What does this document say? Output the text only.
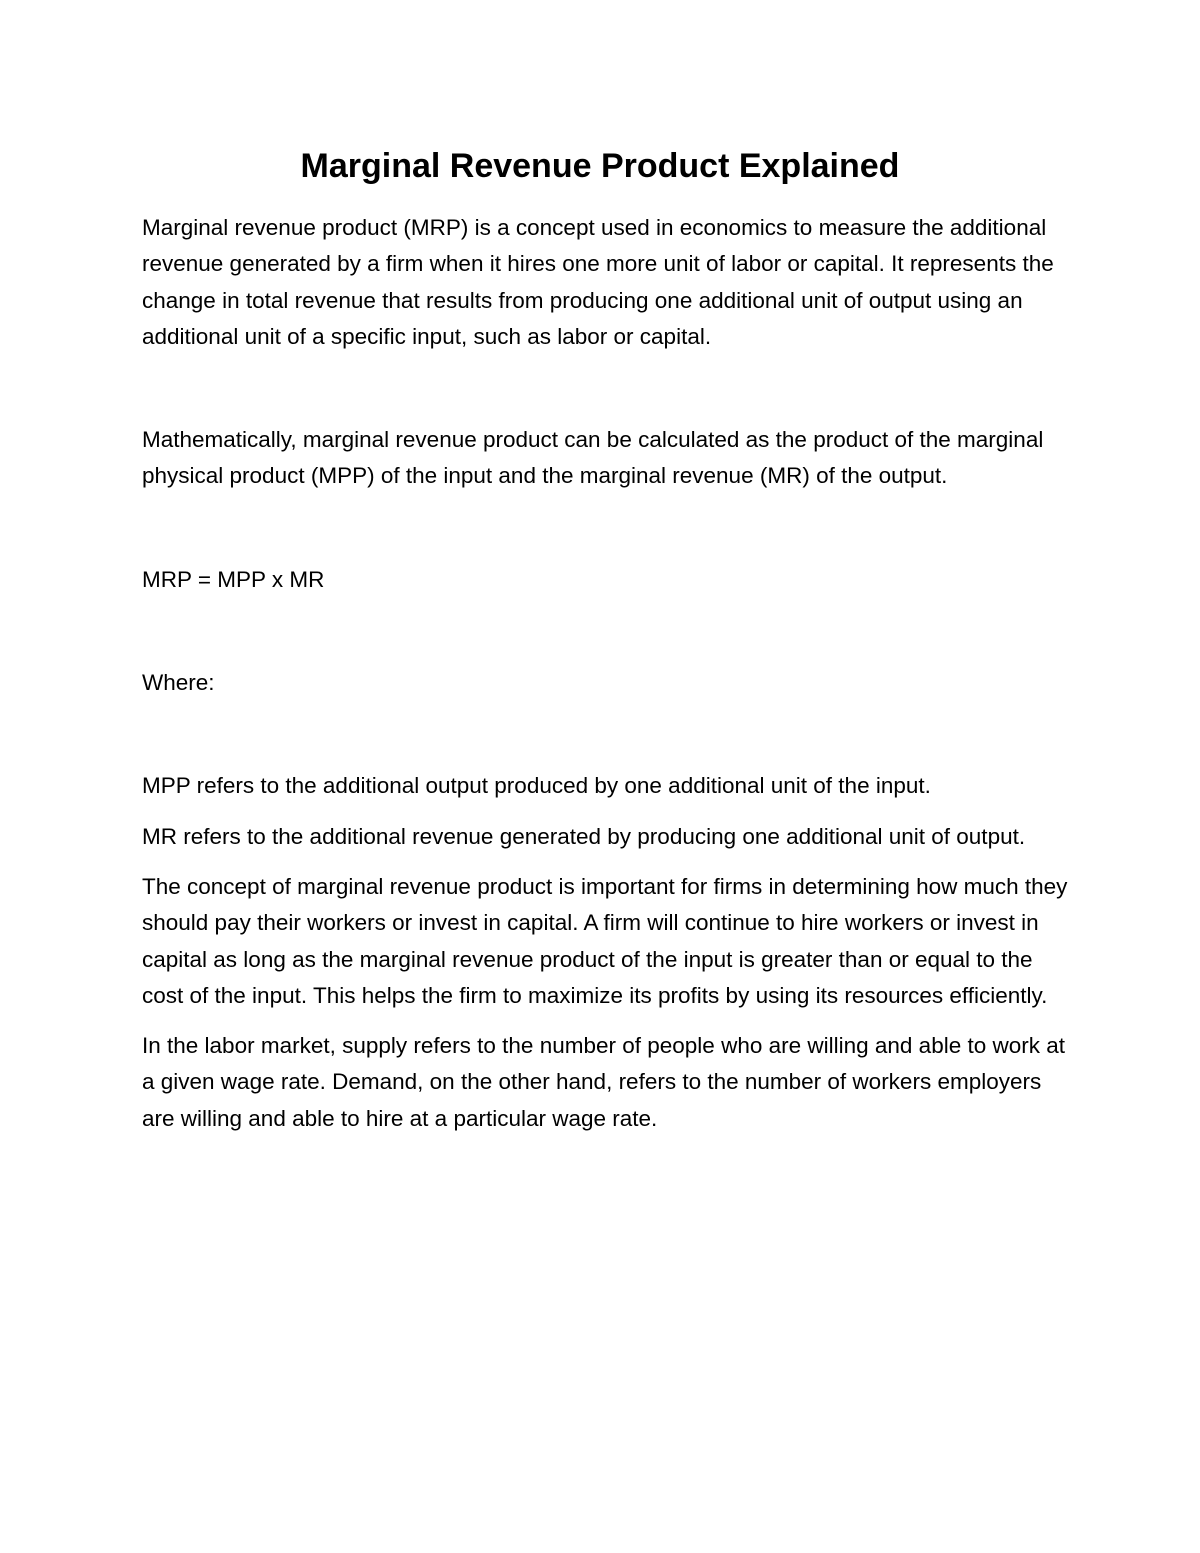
Marginal Revenue Product Explained

Marginal revenue product (MRP) is a concept used in economics to measure the additional revenue generated by a firm when it hires one more unit of labor or capital. It represents the change in total revenue that results from producing one additional unit of output using an additional unit of a specific input, such as labor or capital.

Mathematically, marginal revenue product can be calculated as the product of the marginal physical product (MPP) of the input and the marginal revenue (MR) of the output.

MRP = MPP x MR

Where:

MPP refers to the additional output produced by one additional unit of the input.

MR refers to the additional revenue generated by producing one additional unit of output.

The concept of marginal revenue product is important for firms in determining how much they should pay their workers or invest in capital. A firm will continue to hire workers or invest in capital as long as the marginal revenue product of the input is greater than or equal to the cost of the input. This helps the firm to maximize its profits by using its resources efficiently.

In the labor market, supply refers to the number of people who are willing and able to work at a given wage rate. Demand, on the other hand, refers to the number of workers employers are willing and able to hire at a particular wage rate.
